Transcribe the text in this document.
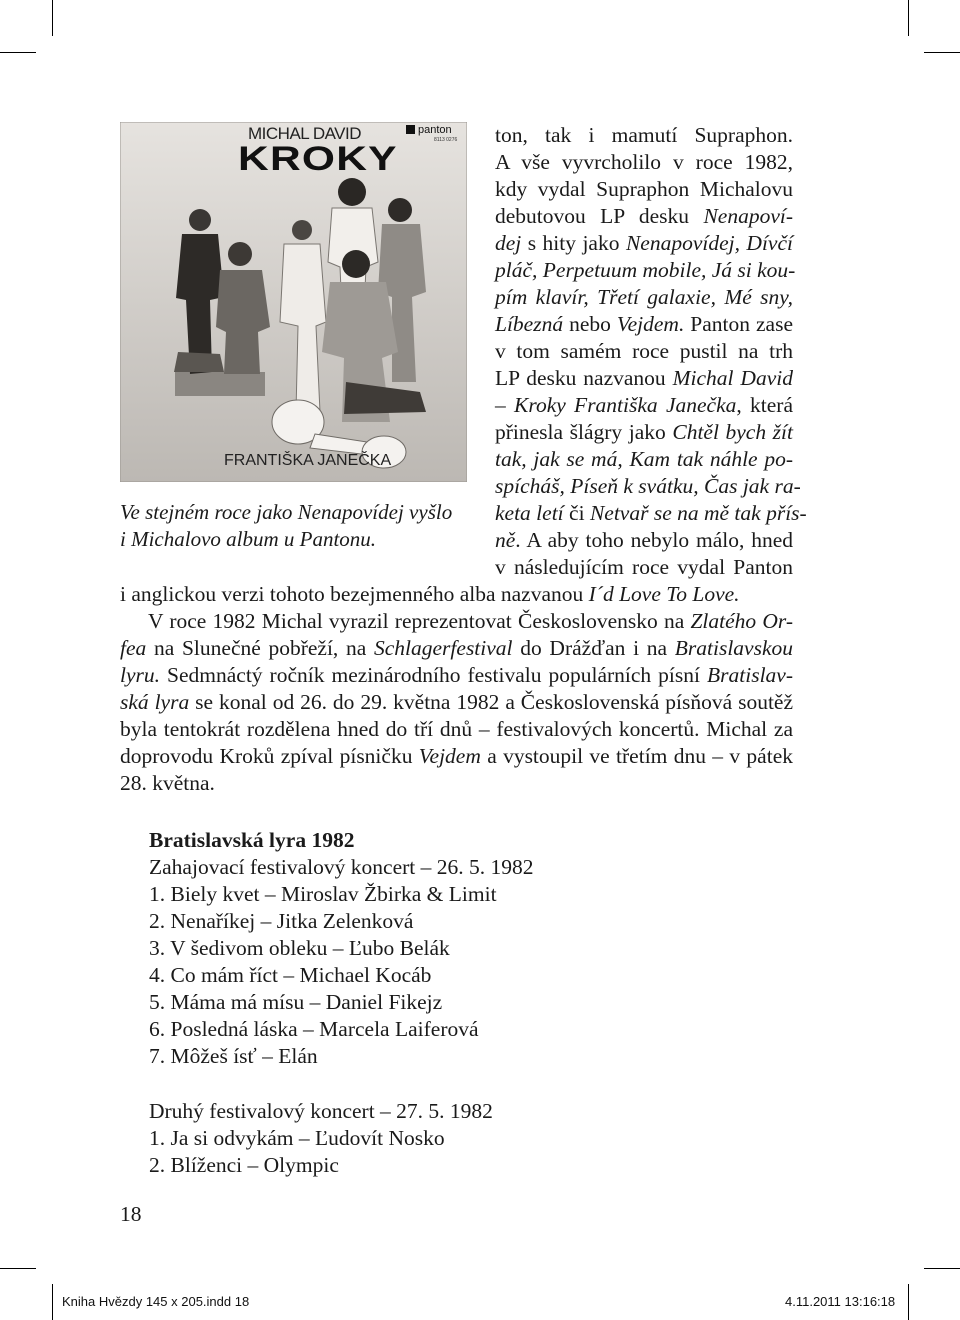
MICHAL DAVID
KROKY
panton
8113 0276
FRANTIŠKA JANEČKA
Ve stejném roce jako Nenapovídej vyšlo
i Michalovo album u Pantonu.
ton, tak i mamutí Supraphon.
A vše vyvrcholilo v roce 1982,
kdy vydal Supraphon Michalovu
debutovou LP desku Nenapoví-
dej s hity jako Nenapovídej, Dívčí
pláč, Perpetuum mobile, Já si kou-
pím klavír, Třetí galaxie, Mé sny,
Líbezná nebo Vejdem. Panton zase
v tom samém roce pustil na trh
LP desku nazvanou Michal David
– Kroky Františka Janečka, která
přinesla šlágry jako Chtěl bych žít
tak, jak se má, Kam tak náhle po-
spícháš, Píseň k svátku, Čas jak ra-
keta letí či Netvař se na mě tak přís-
ně. A aby toho nebylo málo, hned
v následujícím roce vydal Panton
i anglickou verzi tohoto bezejmenného alba nazvanou I´d Love To Love.
V roce 1982 Michal vyrazil reprezentovat Československo na Zlatého Or-
fea na Slunečné pobřeží, na Schlagerfestival do Drážďan i na Bratislavskou
lyru. Sedmnáctý ročník mezinárodního festivalu populárních písní Bratislav-
ská lyra se konal od 26. do 29. května 1982 a Československá písňová soutěž
byla tentokrát rozdělena hned do tří dnů – festivalových koncertů. Michal za
doprovodu Kroků zpíval písničku Vejdem a vystoupil ve třetím dnu – v pátek
28. května.
Bratislavská lyra 1982
Zahajovací festivalový koncert – 26. 5. 1982
1. Biely kvet – Miroslav Žbirka & Limit
2. Nenaříkej – Jitka Zelenková
3. V šedivom obleku – Ľubo Belák
4. Co mám říct – Michael Kocáb
5. Máma má mísu – Daniel Fikejz
6. Posledná láska – Marcela Laiferová
7. Môžeš ísť – Elán
Druhý festivalový koncert – 27. 5. 1982
1. Ja si odvykám – Ľudovít Nosko
2. Blíženci – Olympic
18
Kniha Hvězdy 145 x 205.indd 18	4.11.2011 13:16:18
